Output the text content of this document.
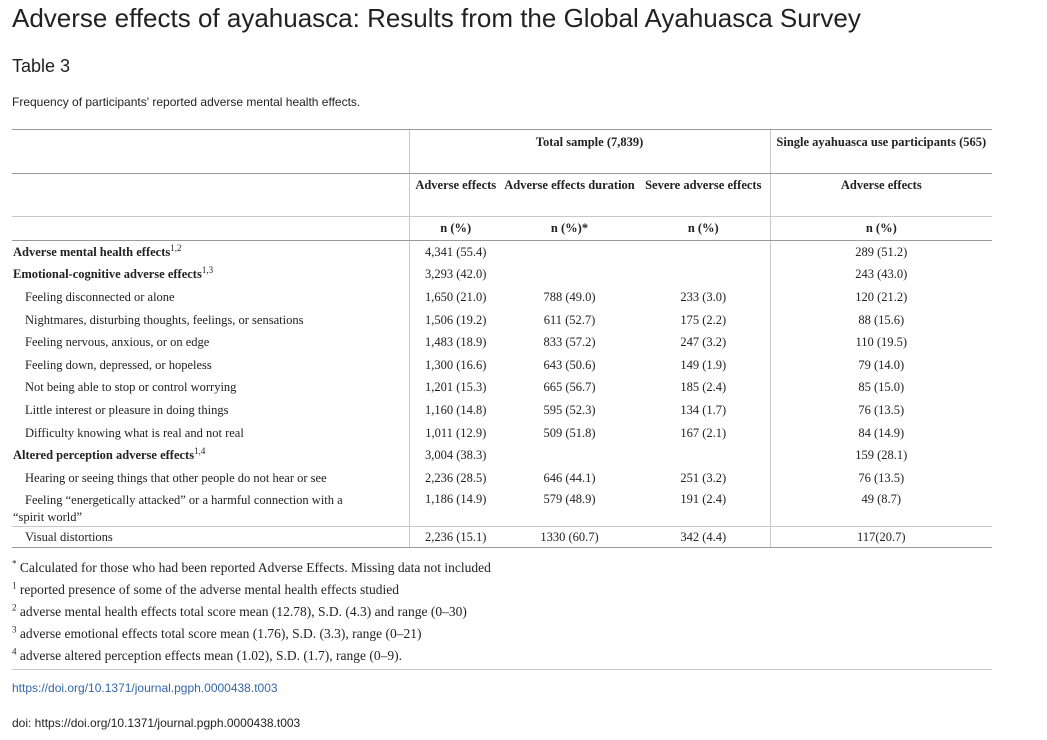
Adverse effects of ayahuasca: Results from the Global Ayahuasca Survey
Table 3
Frequency of participants' reported adverse mental health effects.
	Total sample (7,839)			Single ayahuasca use participants (565)
	Adverse effects	Adverse effects duration	Severe adverse effects	Adverse effects
	n (%)	n (%)*	n (%)	n (%)
Adverse mental health effects$^{1,2}$	4,341 (55.4)			289 (51.2)
Emotional-cognitive adverse effects$^{1,3}$	3,293 (42.0)			243 (43.0)
Feeling disconnected or alone	1,650 (21.0)	788 (49.0)	233 (3.0)	120 (21.2)
Nightmares, disturbing thoughts, feelings, or sensations	1,506 (19.2)	611 (52.7)	175 (2.2)	88 (15.6)
Feeling nervous, anxious, or on edge	1,483 (18.9)	833 (57.2)	247 (3.2)	110 (19.5)
Feeling down, depressed, or hopeless	1,300 (16.6)	643 (50.6)	149 (1.9)	79 (14.0)
Not being able to stop or control worrying	1,201 (15.3)	665 (56.7)	185 (2.4)	85 (15.0)
Little interest or pleasure in doing things	1,160 (14.8)	595 (52.3)	134 (1.7)	76 (13.5)
Difficulty knowing what is real and not real	1,011 (12.9)	509 (51.8)	167 (2.1)	84 (14.9)
Altered perception adverse effects$^{1,4}$	3,004 (38.3)			159 (28.1)
Hearing or seeing things that other people do not hear or see	2,236 (28.5)	646 (44.1)	251 (3.2)	76 (13.5)
Feeling “energetically attacked” or a harmful connection with a
“spirit world”	1,186 (14.9)	579 (48.9)	191 (2.4)	49 (8.7)
Visual distortions	2,236 (15.1)	1330 (60.7)	342 (4.4)	117(20.7)
* Calculated for those who had been reported Adverse Effects. Missing data not included
$^1$ reported presence of some of the adverse mental health effects studied
$^2$ adverse mental health effects total score mean (12.78), S.D. (4.3) and range (0–30)
$^3$ adverse emotional effects total score mean (1.76), S.D. (3.3), range (0–21)
$^4$ adverse altered perception effects mean (1.02), S.D. (1.7), range (0–9).
https://doi.org/10.1371/journal.pgph.0000438.t003
doi: https://doi.org/10.1371/journal.pgph.0000438.t003
